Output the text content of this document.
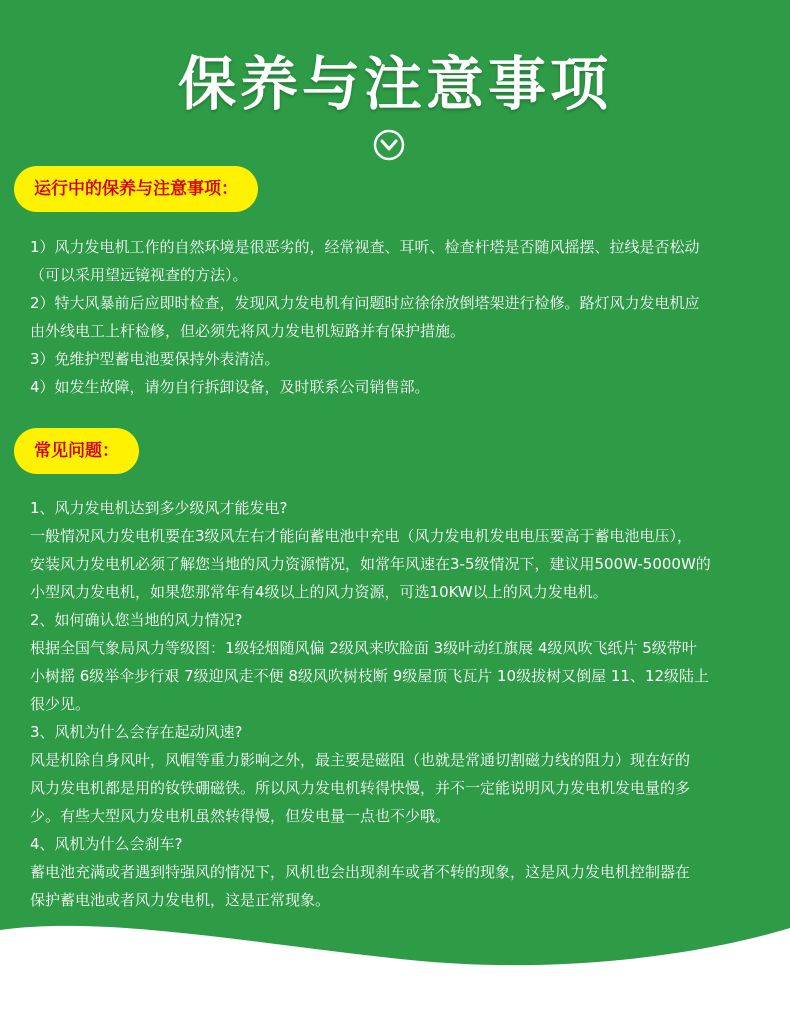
保养与注意事项
运行中的保养与注意事项：

1）风力发电机工作的自然环境是很恶劣的，经常视查、耳听、检查杆塔是否随风摇摆、拉线是否松动

（可以采用望远镜视查的方法）。

2）特大风暴前后应即时检查，发现风力发电机有问题时应徐徐放倒塔架进行检修。路灯风力发电机应

由外线电工上杆检修，但必须先将风力发电机短路并有保护措施。

3）免维护型蓄电池要保持外表清洁。

4）如发生故障，请勿自行拆卸设备，及时联系公司销售部。

常见问题：

1、风力发电机达到多少级风才能发电?

一般情况风力发电机要在3级风左右才能向蓄电池中充电（风力发电机发电电压要高于蓄电池电压），

安装风力发电机必须了解您当地的风力资源情况，如常年风速在3-5级情况下，建议用500W-5000W的

小型风力发电机，如果您那常年有4级以上的风力资源，可选10KW以上的风力发电机。

2、如何确认您当地的风力情况?

根据全国气象局风力等级图：1级轻烟随风偏 2级风来吹脸面 3级叶动红旗展 4级风吹飞纸片 5级带叶

小树摇 6级举伞步行艰 7级迎风走不便 8级风吹树枝断 9级屋顶飞瓦片 10级拔树又倒屋 11、12级陆上

很少见。

3、风机为什么会存在起动风速?

风是机除自身风叶，风帽等重力影响之外，最主要是磁阻（也就是常通切割磁力线的阻力）现在好的

风力发电机都是用的钕铁硼磁铁。所以风力发电机转得快慢，并不一定能说明风力发电机发电量的多

少。有些大型风力发电机虽然转得慢，但发电量一点也不少哦。

4、风机为什么会刹车?

蓄电池充满或者遇到特强风的情况下，风机也会出现刹车或者不转的现象，这是风力发电机控制器在

保护蓄电池或者风力发电机，这是正常现象。
